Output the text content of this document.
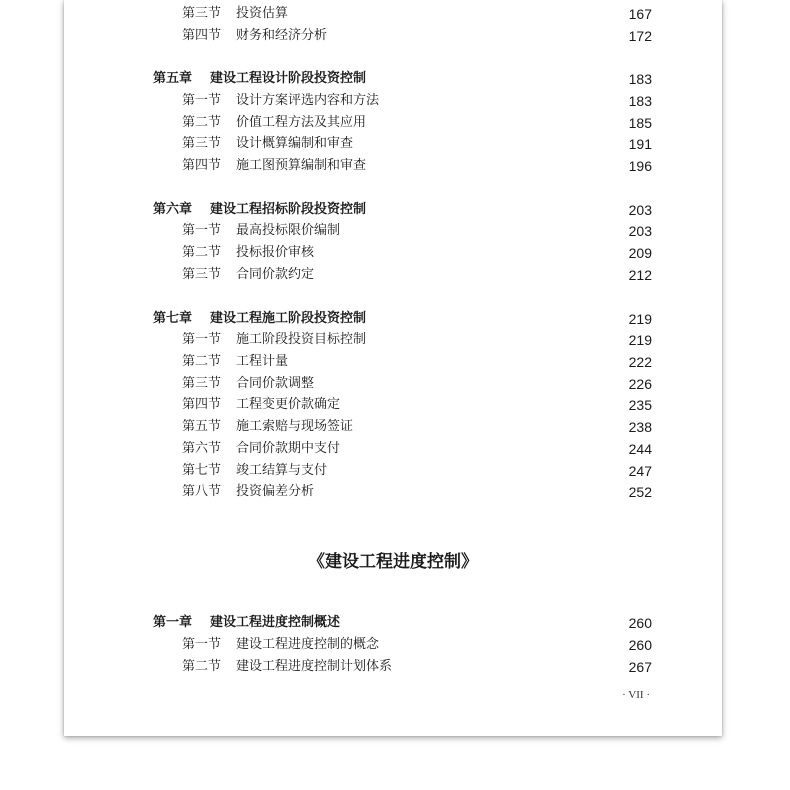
第三节 投资估算	167
第四节 财务和经济分析	172
第五章 建设工程设计阶段投资控制	183
第一节 设计方案评选内容和方法	183
第二节 价值工程方法及其应用	185
第三节 设计概算编制和审查	191
第四节 施工图预算编制和审查	196
第六章 建设工程招标阶段投资控制	203
第一节 最高投标限价编制	203
第二节 投标报价审核	209
第三节 合同价款约定	212
第七章 建设工程施工阶段投资控制	219
第一节 施工阶段投资目标控制	219
第二节 工程计量	222
第三节 合同价款调整	226
第四节 工程变更价款确定	235
第五节 施工索赔与现场签证	238
第六节 合同价款期中支付	244
第七节 竣工结算与支付	247
第八节 投资偏差分析	252
《建设工程进度控制》
第一章 建设工程进度控制概述	260
第一节 建设工程进度控制的概念	260
第二节 建设工程进度控制计划体系	267
· VII ·
